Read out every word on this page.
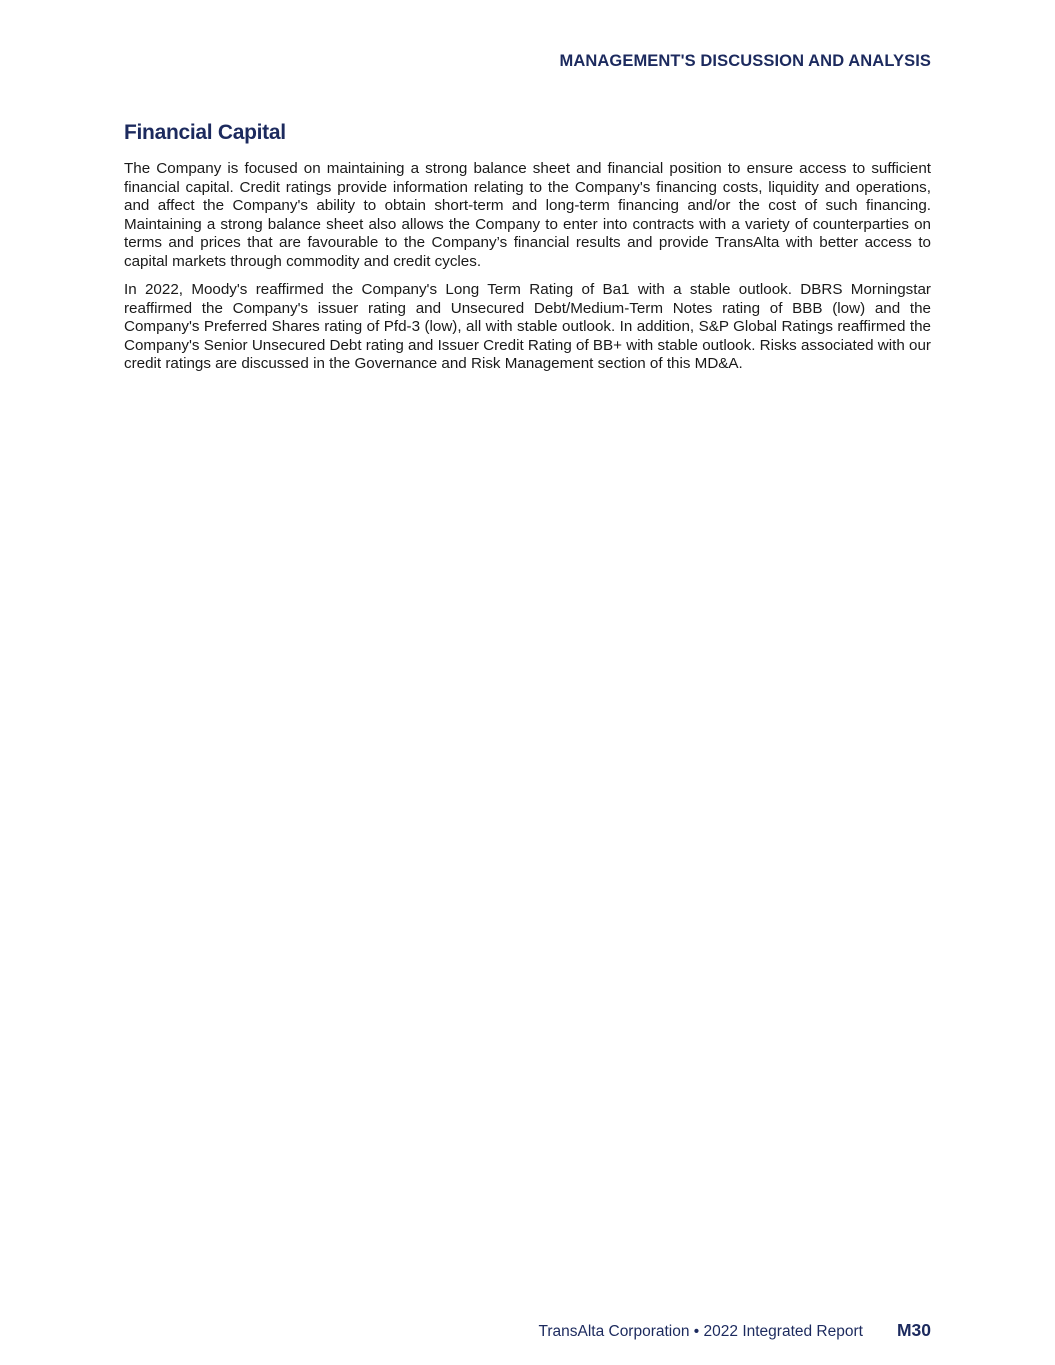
MANAGEMENT'S DISCUSSION AND ANALYSIS
Financial Capital

The Company is focused on maintaining a strong balance sheet and financial position to ensure access to sufficient financial capital. Credit ratings provide information relating to the Company's financing costs, liquidity and operations, and affect the Company's ability to obtain short-term and long-term financing and/or the cost of such financing. Maintaining a strong balance sheet also allows the Company to enter into contracts with a variety of counterparties on terms and prices that are favourable to the Company’s financial results and provide TransAlta with better access to capital markets through commodity and credit cycles.

In 2022, Moody's reaffirmed the Company's Long Term Rating of Ba1 with a stable outlook. DBRS Morningstar reaffirmed the Company's issuer rating and Unsecured Debt/Medium-Term Notes rating of BBB (low) and the Company's Preferred Shares rating of Pfd-3 (low), all with stable outlook. In addition, S&P Global Ratings reaffirmed the Company's Senior Unsecured Debt rating and Issuer Credit Rating of BB+ with stable outlook. Risks associated with our credit ratings are discussed in the Governance and Risk Management section of this MD&A.

TransAlta Corporation • 2022 Integrated Report M30
